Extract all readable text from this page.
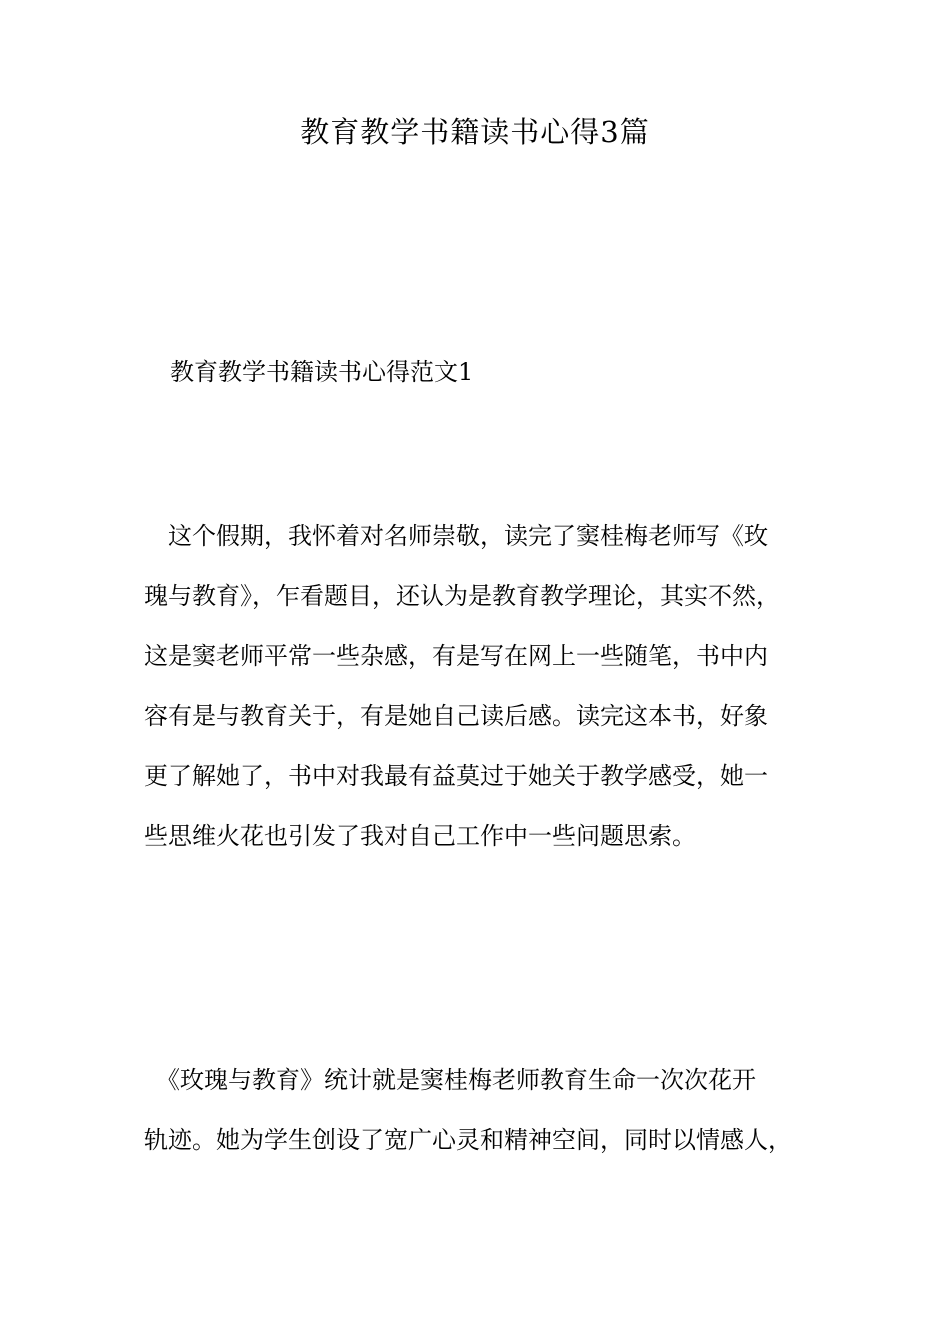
教育教学书籍读书心得3篇
教育教学书籍读书心得范文1
　这个假期，我怀着对名师崇敬，读完了窦桂梅老师写《玫
瑰与教育》，乍看题目，还认为是教育教学理论，其实不然，
这是窦老师平常一些杂感，有是写在网上一些随笔，书中内
容有是与教育关于，有是她自己读后感。读完这本书，好象
更了解她了，书中对我最有益莫过于她关于教学感受，她一
些思维火花也引发了我对自己工作中一些问题思索。
　《玫瑰与教育》统计就是窦桂梅老师教育生命一次次花开
轨迹。她为学生创设了宽广心灵和精神空间，同时以情感人，
